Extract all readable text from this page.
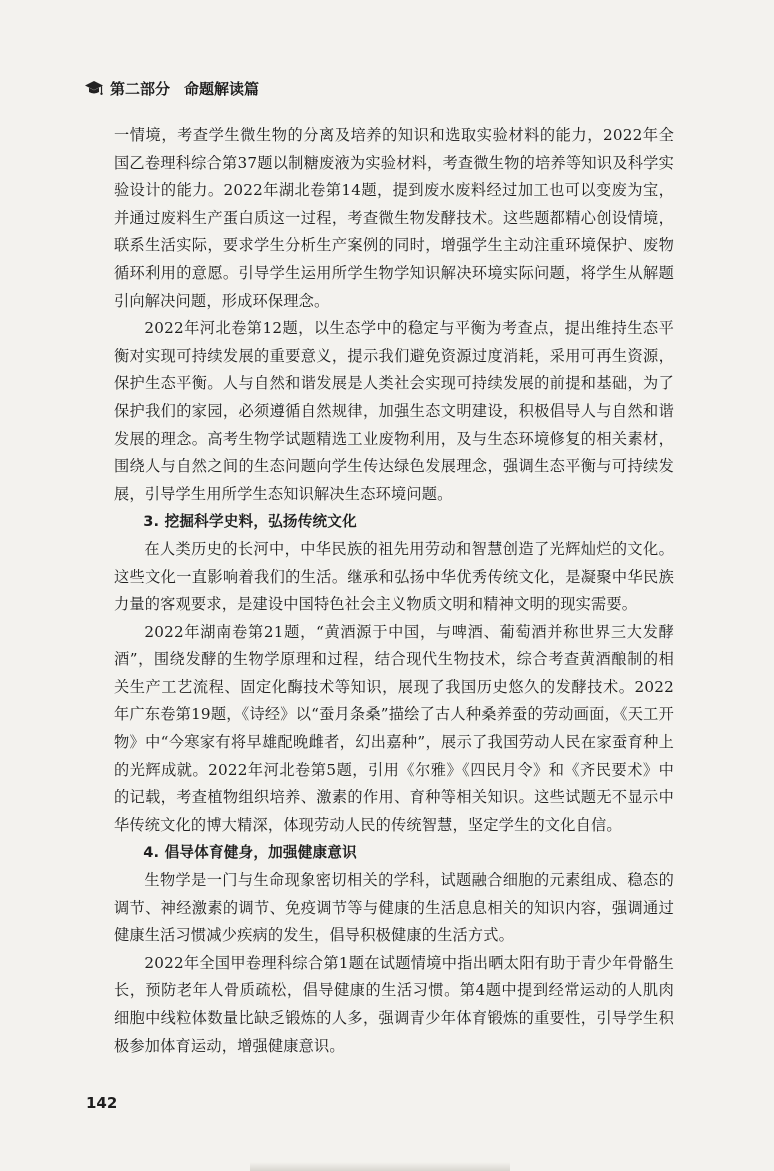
第二部分 命题解读篇

一情境，考查学生微生物的分离及培养的知识和选取实验材料的能力，2022年全国乙卷理科综合第37题以制糖废液为实验材料，考查微生物的培养等知识及科学实验设计的能力。2022年湖北卷第14题，提到废水废料经过加工也可以变废为宝，并通过废料生产蛋白质这一过程，考查微生物发酵技术。这些题都精心创设情境，联系生活实际，要求学生分析生产案例的同时，增强学生主动注重环境保护、废物循环利用的意愿。引导学生运用所学生物学知识解决环境实际问题，将学生从解题引向解决问题，形成环保理念。

2022年河北卷第12题，以生态学中的稳定与平衡为考查点，提出维持生态平衡对实现可持续发展的重要意义，提示我们避免资源过度消耗，采用可再生资源，保护生态平衡。人与自然和谐发展是人类社会实现可持续发展的前提和基础，为了保护我们的家园，必须遵循自然规律，加强生态文明建设，积极倡导人与自然和谐发展的理念。高考生物学试题精选工业废物利用，及与生态环境修复的相关素材，围绕人与自然之间的生态问题向学生传达绿色发展理念，强调生态平衡与可持续发展，引导学生用所学生态知识解决生态环境问题。

3. 挖掘科学史料，弘扬传统文化

在人类历史的长河中，中华民族的祖先用劳动和智慧创造了光辉灿烂的文化。这些文化一直影响着我们的生活。继承和弘扬中华优秀传统文化，是凝聚中华民族力量的客观要求，是建设中国特色社会主义物质文明和精神文明的现实需要。

2022年湖南卷第21题，“黄酒源于中国，与啤酒、葡萄酒并称世界三大发酵酒”，围绕发酵的生物学原理和过程，结合现代生物技术，综合考查黄酒酿制的相关生产工艺流程、固定化酶技术等知识，展现了我国历史悠久的发酵技术。2022年广东卷第19题，《诗经》以“蚕月条桑”描绘了古人种桑养蚕的劳动画面，《天工开物》中“今寒家有将早雄配晚雌者，幻出嘉种”，展示了我国劳动人民在家蚕育种上的光辉成就。2022年河北卷第5题，引用《尔雅》《四民月令》和《齐民要术》中的记载，考查植物组织培养、激素的作用、育种等相关知识。这些试题无不显示中华传统文化的博大精深，体现劳动人民的传统智慧，坚定学生的文化自信。

4. 倡导体育健身，加强健康意识

生物学是一门与生命现象密切相关的学科，试题融合细胞的元素组成、稳态的调节、神经激素的调节、免疫调节等与健康的生活息息相关的知识内容，强调通过健康生活习惯减少疾病的发生，倡导积极健康的生活方式。

2022年全国甲卷理科综合第1题在试题情境中指出晒太阳有助于青少年骨骼生长，预防老年人骨质疏松，倡导健康的生活习惯。第4题中提到经常运动的人肌肉细胞中线粒体数量比缺乏锻炼的人多，强调青少年体育锻炼的重要性，引导学生积极参加体育运动，增强健康意识。

142
